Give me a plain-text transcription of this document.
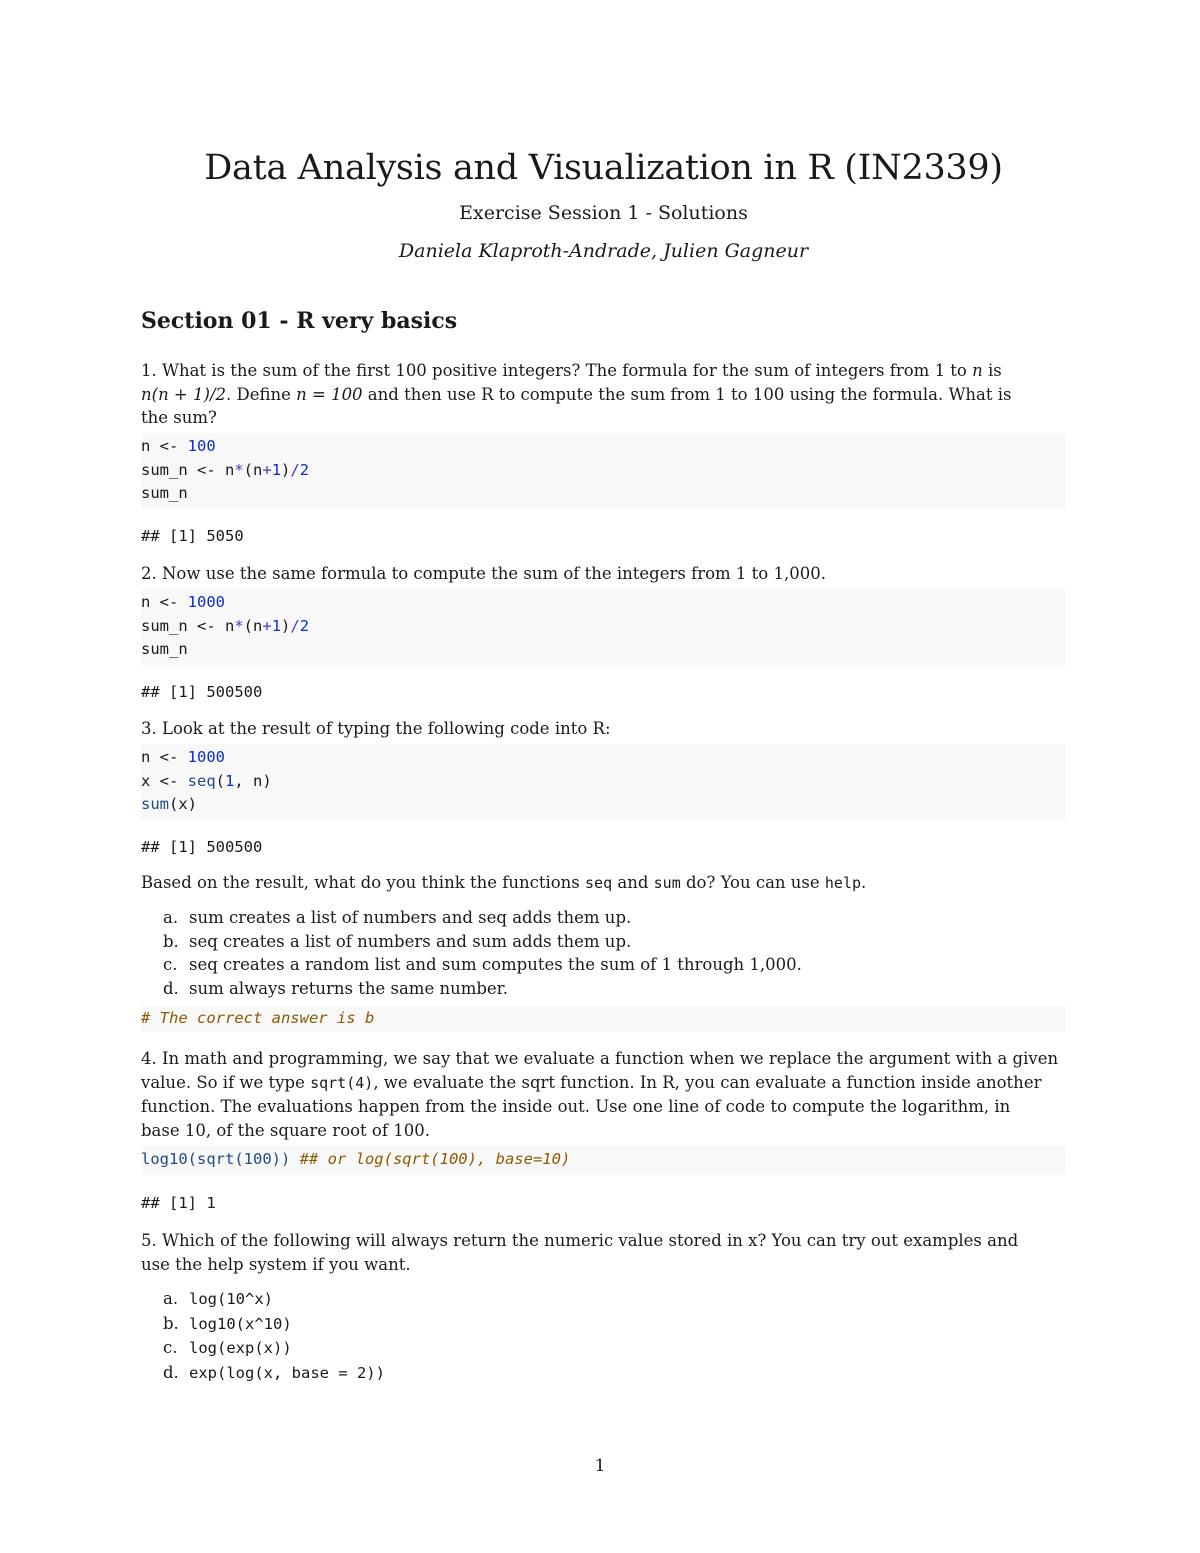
Data Analysis and Visualization in R (IN2339)
Exercise Session 1 - Solutions
Daniela Klaproth-Andrade, Julien Gagneur
Section 01 - R very basics
1. What is the sum of the first 100 positive integers? The formula for the sum of integers from 1 to n is
n(n + 1)/2. Define n = 100 and then use R to compute the sum from 1 to 100 using the formula. What is
the sum?
n <- 100
sum_n <- n*(n+1)/2
sum_n
## [1] 5050
2. Now use the same formula to compute the sum of the integers from 1 to 1,000.
n <- 1000
sum_n <- n*(n+1)/2
sum_n
## [1] 500500
3. Look at the result of typing the following code into R:
n <- 1000
x <- seq(1, n)
sum(x)
## [1] 500500
Based on the result, what do you think the functions seq and sum do? You can use help.
a. sum creates a list of numbers and seq adds them up.
b. seq creates a list of numbers and sum adds them up.
c. seq creates a random list and sum computes the sum of 1 through 1,000.
d. sum always returns the same number.
# The correct answer is b
4. In math and programming, we say that we evaluate a function when we replace the argument with a given
value. So if we type sqrt(4), we evaluate the sqrt function. In R, you can evaluate a function inside another
function. The evaluations happen from the inside out. Use one line of code to compute the logarithm, in
base 10, of the square root of 100.
log10(sqrt(100)) ## or log(sqrt(100), base=10)
## [1] 1
5. Which of the following will always return the numeric value stored in x? You can try out examples and
use the help system if you want.
a. log(10^x)
b. log10(x^10)
c. log(exp(x))
d. exp(log(x, base = 2))
1
